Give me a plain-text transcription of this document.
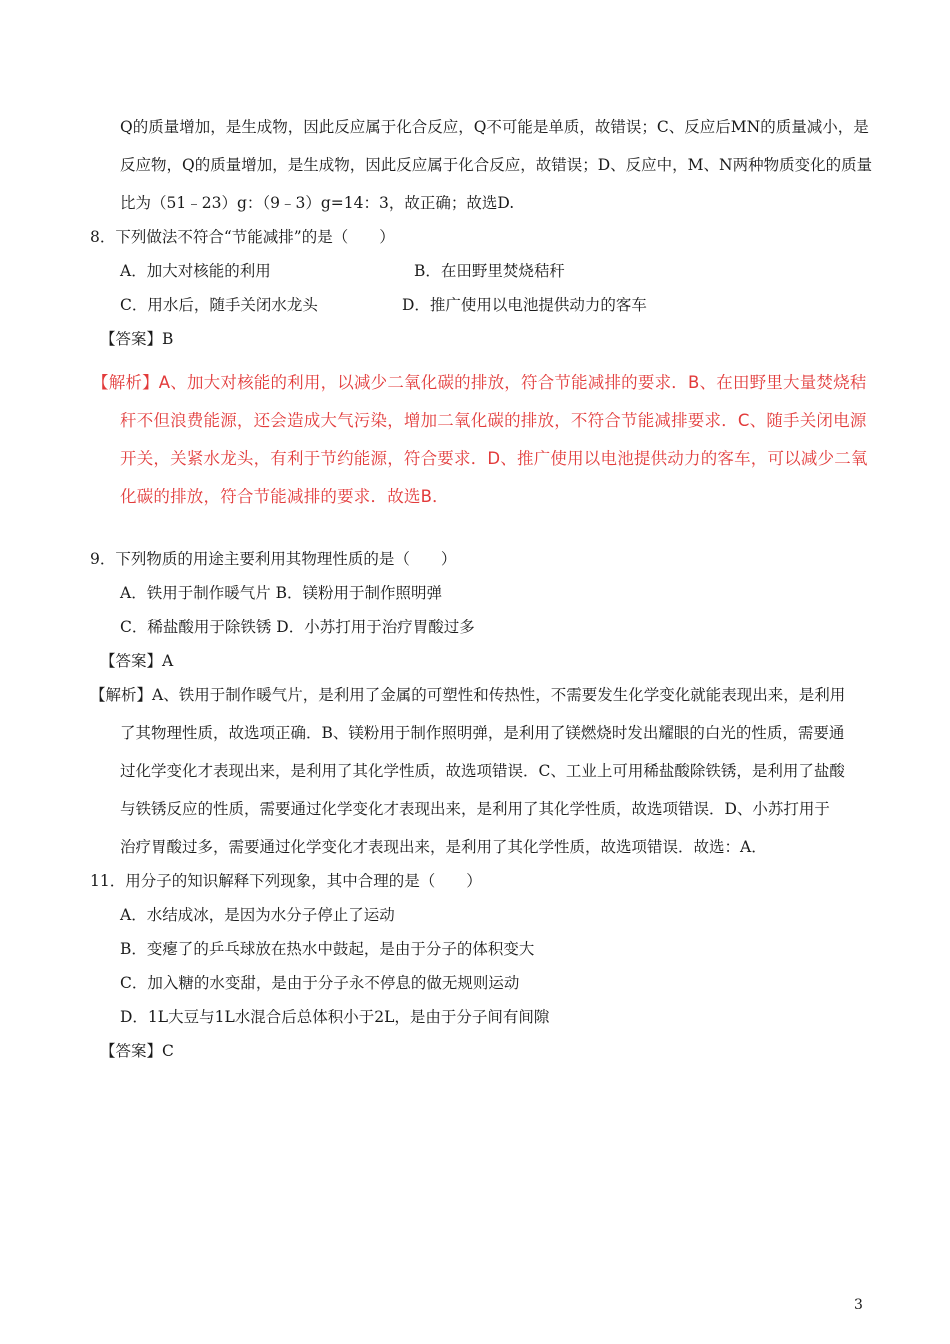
Q的质量增加，是生成物，因此反应属于化合反应，Q不可能是单质，故错误；C、反应后MN的质量减小，是
反应物，Q的质量增加，是生成物，因此反应属于化合反应，故错误；D、反应中，M、N两种物质变化的质量
比为（51﹣23）g：（9﹣3）g=14：3，故正确；故选D.
8．下列做法不符合“节能减排”的是（　　）
A．加大对核能的利用	B．在田野里焚烧秸秆
C．用水后，随手关闭水龙头	D．推广使用以电池提供动力的客车
【答案】B
【解析】A、加大对核能的利用，以减少二氧化碳的排放，符合节能减排的要求．B、在田野里大量焚烧秸
秆不但浪费能源，还会造成大气污染，增加二氧化碳的排放，不符合节能减排要求．C、随手关闭电源
开关，关紧水龙头，有利于节约能源，符合要求．D、推广使用以电池提供动力的客车，可以减少二氧
化碳的排放，符合节能减排的要求．故选B．
9．下列物质的用途主要利用其物理性质的是（　　）
A．铁用于制作暖气片 B．镁粉用于制作照明弹
C．稀盐酸用于除铁锈 D．小苏打用于治疗胃酸过多
【答案】A
【解析】A、铁用于制作暖气片，是利用了金属的可塑性和传热性，不需要发生化学变化就能表现出来，是利用
了其物理性质，故选项正确．B、镁粉用于制作照明弹，是利用了镁燃烧时发出耀眼的白光的性质，需要通
过化学变化才表现出来，是利用了其化学性质，故选项错误．C、工业上可用稀盐酸除铁锈，是利用了盐酸
与铁锈反应的性质，需要通过化学变化才表现出来，是利用了其化学性质，故选项错误．D、小苏打用于
治疗胃酸过多，需要通过化学变化才表现出来，是利用了其化学性质，故选项错误．故选：A．
11．用分子的知识解释下列现象，其中合理的是（　　）
A．水结成冰，是因为水分子停止了运动
B．变瘪了的乒乓球放在热水中鼓起，是由于分子的体积变大
C．加入糖的水变甜，是由于分子永不停息的做无规则运动
D．1L大豆与1L水混合后总体积小于2L，是由于分子间有间隙
【答案】C
3
